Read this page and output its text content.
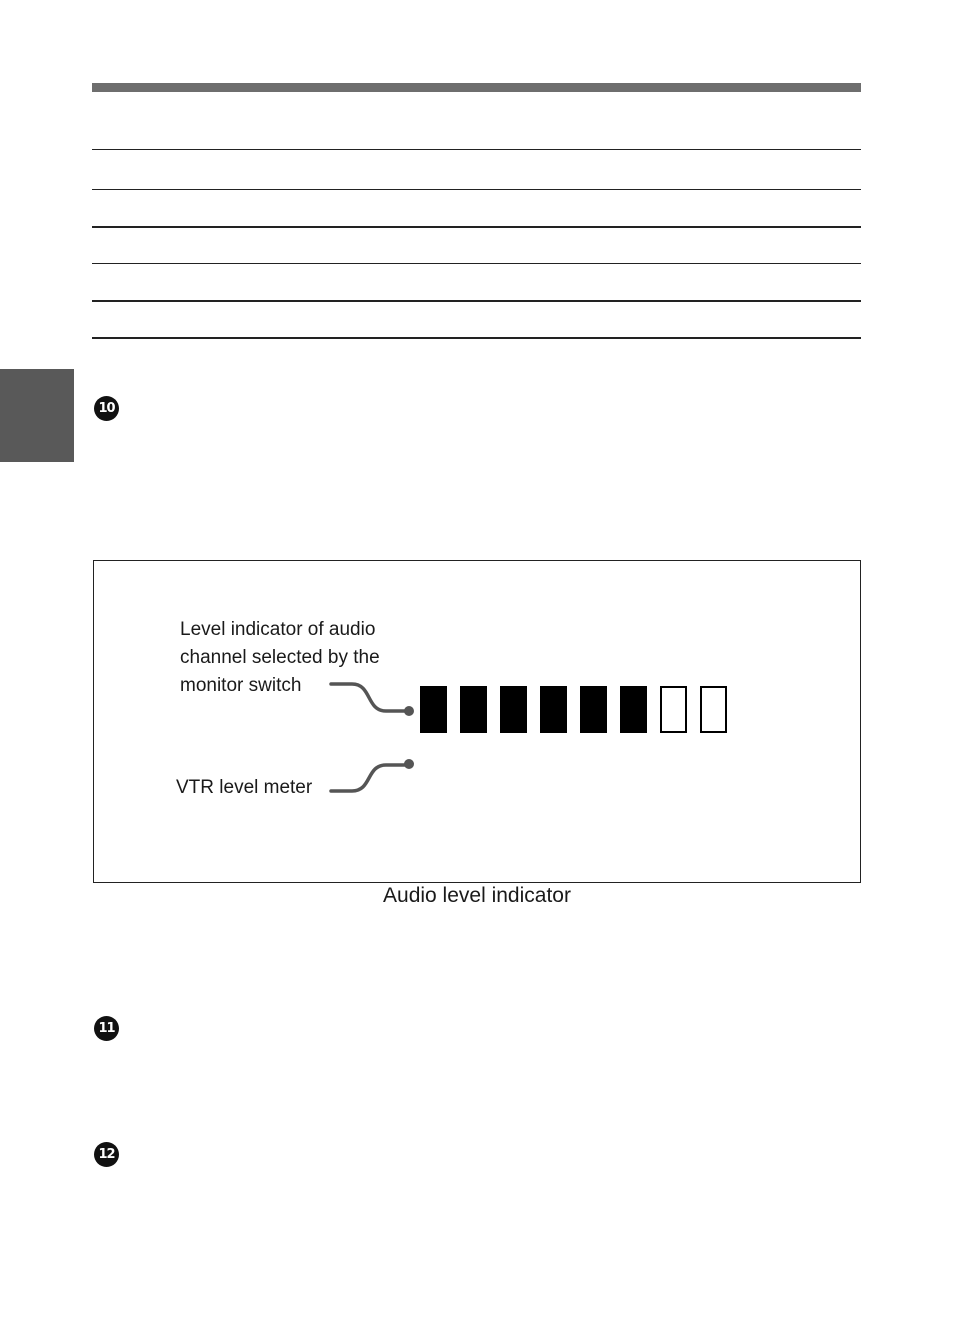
10
11
12
Level indicator of audio
channel selected by the
monitor switch
VTR level meter
Audio level indicator
